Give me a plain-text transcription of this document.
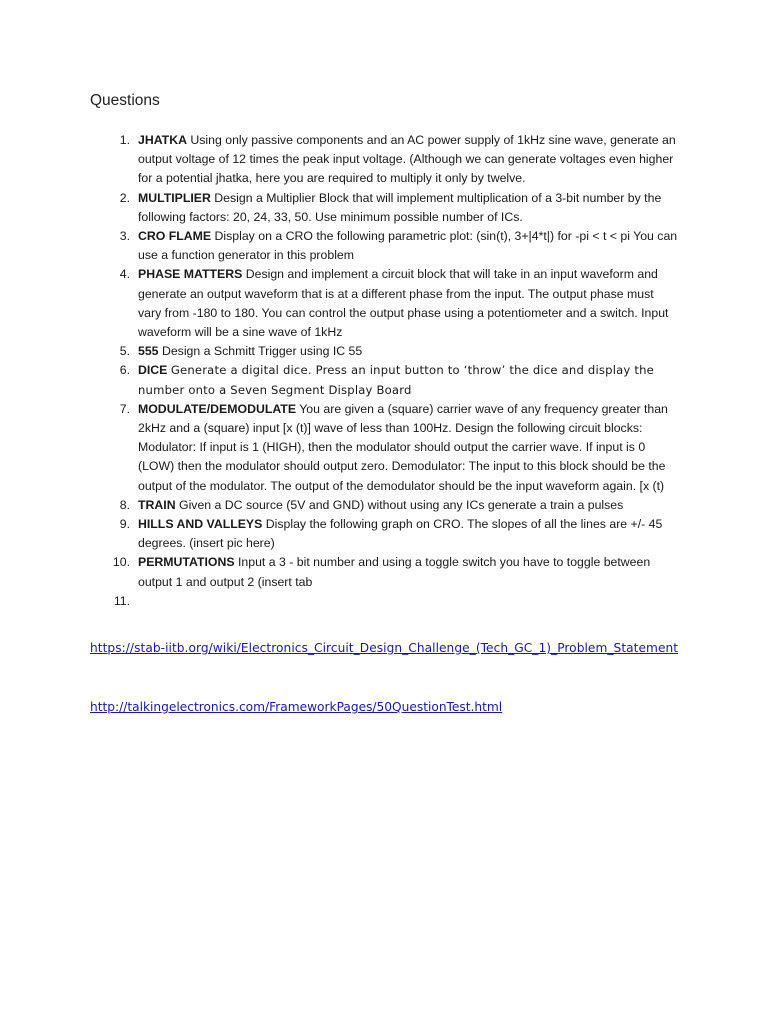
Questions
1. JHATKA Using only passive components and an AC power supply of 1kHz sine wave, generate an output voltage of 12 times the peak input voltage. (Although we can generate voltages even higher for a potential jhatka, here you are required to multiply it only by twelve.
2. MULTIPLIER Design a Multiplier Block that will implement multiplication of a 3-bit number by the following factors: 20, 24, 33, 50. Use minimum possible number of ICs.
3. CRO FLAME Display on a CRO the following parametric plot: (sin(t), 3+|4*t|) for -pi < t < pi You can use a function generator in this problem
4. PHASE MATTERS Design and implement a circuit block that will take in an input waveform and generate an output waveform that is at a different phase from the input. The output phase must vary from -180 to 180. You can control the output phase using a potentiometer and a switch. Input waveform will be a sine wave of 1kHz
5. 555 Design a Schmitt Trigger using IC 55
6. DICE Generate a digital dice. Press an input button to ‘throw’ the dice and display the number onto a Seven Segment Display Board
7. MODULATE/DEMODULATE You are given a (square) carrier wave of any frequency greater than 2kHz and a (square) input [x (t)] wave of less than 100Hz. Design the following circuit blocks: Modulator: If input is 1 (HIGH), then the modulator should output the carrier wave. If input is 0 (LOW) then the modulator should output zero. Demodulator: The input to this block should be the output of the modulator. The output of the demodulator should be the input waveform again. [x (t)
8. TRAIN Given a DC source (5V and GND) without using any ICs generate a train a pulses
9. HILLS AND VALLEYS Display the following graph on CRO. The slopes of all the lines are +/- 45 degrees. (insert pic here)
10. PERMUTATIONS Input a 3 - bit number and using a toggle switch you have to toggle between output 1 and output 2 (insert tab
11.
https://stab-iitb.org/wiki/Electronics_Circuit_Design_Challenge_(Tech_GC_1)_Problem_Statement
http://talkingelectronics.com/FrameworkPages/50QuestionTest.html
